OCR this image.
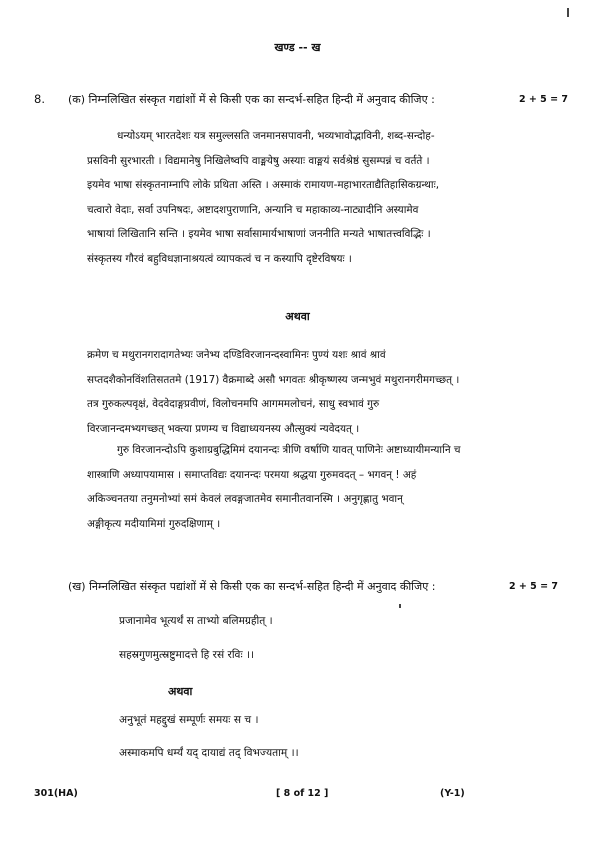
खण्ड -- ख
8. (क) निम्नलिखित संस्कृत गद्यांशों में से किसी एक का सन्दर्भ-सहित हिन्दी में अनुवाद कीजिए :	2 + 5 = 7
धन्योऽयम् भारतदेशः यत्र समुल्लसति जनमानसपावनी, भव्यभावोद्भाविनी, शब्द-सन्दोह-
प्रसविनी सुरभारती । विद्यमानेषु निखिलेष्वपि वाङ्मयेषु अस्याः वाङ्मयं सर्वश्रेष्ठं सुसम्पन्नं च वर्तते ।
इयमेव भाषा संस्कृतनाम्नापि लोके प्रथिता अस्ति । अस्माकं रामायण-महाभारताद्यैतिहासिकग्रन्थाः,
चत्वारो वेदाः, सर्वा उपनिषदः, अष्टादशपुराणानि, अन्यानि च महाकाव्य-नाट्यादीनि अस्यामेव
भाषायां लिखितानि सन्ति । इयमेव भाषा सर्वासामार्यभाषाणां जननीति मन्यते भाषातत्त्वविद्भिः ।
संस्कृतस्य गौरवं बहुविधज्ञानाश्रयत्वं व्यापकत्वं च न कस्यापि दृष्टेरविषयः ।
अथवा
क्रमेण च मथुरानगरादागतेभ्यः जनेभ्य दण्डिविरजानन्दस्वामिनः पुण्यं यशः श्रावं श्रावं
सप्तदशैकोनविंशतिसततमे (1917) वैक्रमाब्दे असौ भगवतः श्रीकृष्णस्य जन्मभुवं मथुरानगरीमगच्छत् ।
तत्र गुरुकल्पवृक्षं, वेदवेदाङ्गप्रवीणं, विलोचनमपि आगममलोचनं, साधु स्वभावं गुरु
विरजानन्दमभ्यगच्छत् भक्त्या प्रणम्य च विद्याध्ययनस्य औत्सुक्यं न्यवेदयत् ।
गुरु विरजानन्दोऽपि कुशाग्रबुद्धिमिमं दयानन्दः त्रीणि वर्षाणि यावत् पाणिनेः अष्टाध्यायीमन्यानि च
शास्त्राणि अध्यापयामास । समाप्तविद्यः दयानन्दः परमया श्रद्धया गुरुमवदत् – भगवन् ! अहं
अकिञ्चनतया तनुमनोभ्यां समं केवलं लवङ्गजातमेव समानीतवानस्मि । अनुगृह्णातु भवान्
अङ्गीकृत्य मदीयामिमां गुरुदक्षिणाम् ।
(ख) निम्नलिखित संस्कृत पद्यांशों में से किसी एक का सन्दर्भ-सहित हिन्दी में अनुवाद कीजिए :	2 + 5 = 7
प्रजानामेव भूत्यर्थं स ताभ्यो बलिमग्रहीत् ।
सहस्रगुणमुत्स्रष्टुमादत्ते हि रसं रविः ।।
अथवा
अनुभूतं महद्दुखं सम्पूर्णः समयः स च ।
अस्माकमपि धर्म्यं यद् दायाद्यं तद् विभज्यताम् ।।
301(HA)	[ 8 of 12 ]	(Y-1)
